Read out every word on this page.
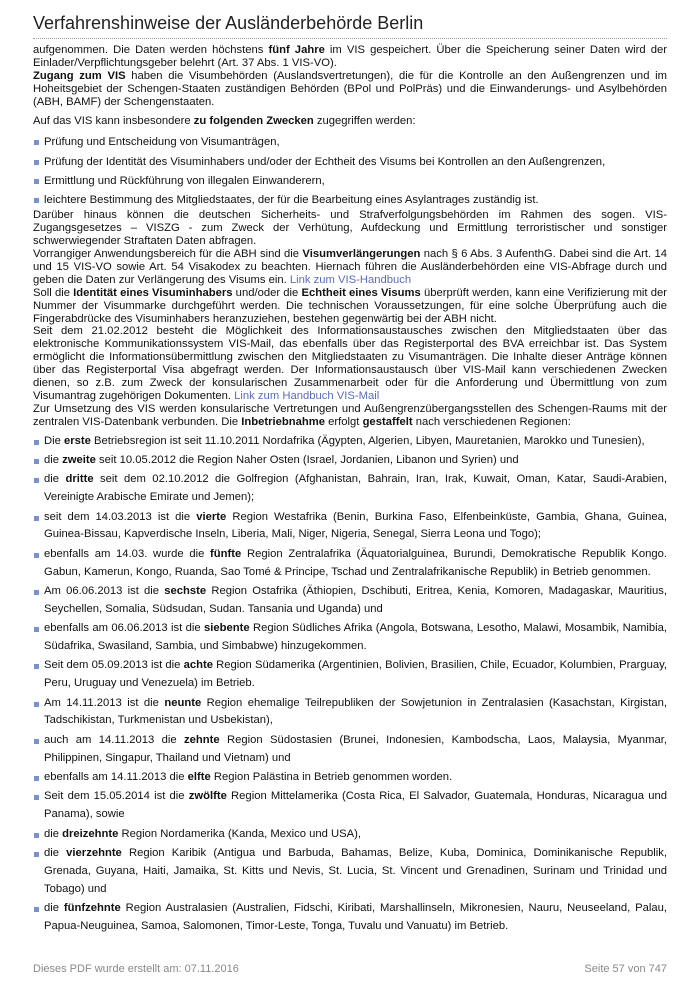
Verfahrenshinweise der Ausländerbehörde Berlin

aufgenommen. Die Daten werden höchstens fünf Jahre im VIS gespeichert. Über die Speicherung seiner Daten wird der Einlader/Verpflichtungsgeber belehrt (Art. 37 Abs. 1 VIS-VO).

Zugang zum VIS haben die Visumbehörden (Auslandsvertretungen), die für die Kontrolle an den Außengrenzen und im Hoheitsgebiet der Schengen-Staaten zuständigen Behörden (BPol und PolPräs) und die Einwanderungs- und Asylbehörden (ABH, BAMF) der Schengenstaaten.

Auf das VIS kann insbesondere zu folgenden Zwecken zugegriffen werden:

Prüfung und Entscheidung von Visumanträgen,
Prüfung der Identität des Visuminhabers und/oder der Echtheit des Visums bei Kontrollen an den Außengrenzen,
Ermittlung und Rückführung von illegalen Einwanderern,
leichtere Bestimmung des Mitgliedstaates, der für die Bearbeitung eines Asylantrages zuständig ist.

Darüber hinaus können die deutschen Sicherheits- und Strafverfolgungsbehörden im Rahmen des sogen. VIS-Zugangsgesetzes – VISZG - zum Zweck der Verhütung, Aufdeckung und Ermittlung terroristischer und sonstiger schwerwiegender Straftaten Daten abfragen.

Vorrangiger Anwendungsbereich für die ABH sind die Visumverlängerungen nach § 6 Abs. 3 AufenthG. Dabei sind die Art. 14 und 15 VIS-VO sowie Art. 54 Visakodex zu beachten. Hiernach führen die Ausländerbehörden eine VIS-Abfrage durch und geben die Daten zur Verlängerung des Visums ein. Link zum VIS-Handbuch

Soll die Identität eines Visuminhabers und/oder die Echtheit eines Visums überprüft werden, kann eine Verifizierung mit der Nummer der Visummarke durchgeführt werden. Die technischen Voraussetzungen, für eine solche Überprüfung auch die Fingerabdrücke des Visuminhabers heranzuziehen, bestehen gegenwärtig bei der ABH nicht.

Seit dem 21.02.2012 besteht die Möglichkeit des Informationsaustausches zwischen den Mitgliedstaaten über das elektronische Kommunikationssystem VIS-Mail, das ebenfalls über das Registerportal des BVA erreichbar ist. Das System ermöglicht die Informationsübermittlung zwischen den Mitgliedstaaten zu Visumanträgen. Die Inhalte dieser Anträge können über das Registerportal Visa abgefragt werden. Der Informationsaustausch über VIS-Mail kann verschiedenen Zwecken dienen, so z.B. zum Zweck der konsularischen Zusammenarbeit oder für die Anforderung und Übermittlung von zum Visumantrag zugehörigen Dokumenten. Link zum Handbuch VIS-Mail

Zur Umsetzung des VIS werden konsularische Vertretungen und Außengrenzübergangsstellen des Schengen-Raums mit der zentralen VIS-Datenbank verbunden. Die Inbetriebnahme erfolgt gestaffelt nach verschiedenen Regionen:

Die erste Betriebsregion ist seit 11.10.2011 Nordafrika (Ägypten, Algerien, Libyen, Mauretanien, Marokko und Tunesien),
die zweite seit 10.05.2012 die Region Naher Osten (Israel, Jordanien, Libanon und Syrien) und
die dritte seit dem 02.10.2012 die Golfregion (Afghanistan, Bahrain, Iran, Irak, Kuwait, Oman, Katar, Saudi-Arabien, Vereinigte Arabische Emirate und Jemen);
seit dem 14.03.2013 ist die vierte Region Westafrika (Benin, Burkina Faso, Elfenbeinküste, Gambia, Ghana, Guinea, Guinea-Bissau, Kapverdische Inseln, Liberia, Mali, Niger, Nigeria, Senegal, Sierra Leona und Togo);
ebenfalls am 14.03. wurde die fünfte Region Zentralafrika (Äquatorialguinea, Burundi, Demokratische Republik Kongo. Gabun, Kamerun, Kongo, Ruanda, Sao Tomé & Principe, Tschad und Zentralafrikanische Republik) in Betrieb genommen.
Am 06.06.2013 ist die sechste Region Ostafrika (Äthiopien, Dschibuti, Eritrea, Kenia, Komoren, Madagaskar, Mauritius, Seychellen, Somalia, Südsudan, Sudan. Tansania und Uganda) und
ebenfalls am 06.06.2013 ist die siebente Region Südliches Afrika (Angola, Botswana, Lesotho, Malawi, Mosambik, Namibia, Südafrika, Swasiland, Sambia, und Simbabwe) hinzugekommen.
Seit dem 05.09.2013 ist die achte Region Südamerika (Argentinien, Bolivien, Brasilien, Chile, Ecuador, Kolumbien, Prarguay, Peru, Uruguay und Venezuela) im Betrieb.
Am 14.11.2013 ist die neunte Region ehemalige Teilrepubliken der Sowjetunion in Zentralasien (Kasachstan, Kirgistan, Tadschikistan, Turkmenistan und Usbekistan),
auch am 14.11.2013 die zehnte Region Südostasien (Brunei, Indonesien, Kambodscha, Laos, Malaysia, Myanmar, Philippinen, Singapur, Thailand und Vietnam) und
ebenfalls am 14.11.2013 die elfte Region Palästina in Betrieb genommen worden.
Seit dem 15.05.2014 ist die zwölfte Region Mittelamerika (Costa Rica, El Salvador, Guatemala, Honduras, Nicaragua und Panama), sowie
die dreizehnte Region Nordamerika (Kanda, Mexico und USA),
die vierzehnte Region Karibik (Antigua und Barbuda, Bahamas, Belize, Kuba, Dominica, Dominikanische Republik, Grenada, Guyana, Haiti, Jamaika, St. Kitts und Nevis, St. Lucia, St. Vincent und Grenadinen, Surinam und Trinidad und Tobago) und
die fünfzehnte Region Australasien (Australien, Fidschi, Kiribati, Marshallinseln, Mikronesien, Nauru, Neuseeland, Palau, Papua-Neuguinea, Samoa, Salomonen, Timor-Leste, Tonga, Tuvalu und Vanuatu) im Betrieb.
Dieses PDF wurde erstellt am: 07.11.2016	Seite 57 von 747
